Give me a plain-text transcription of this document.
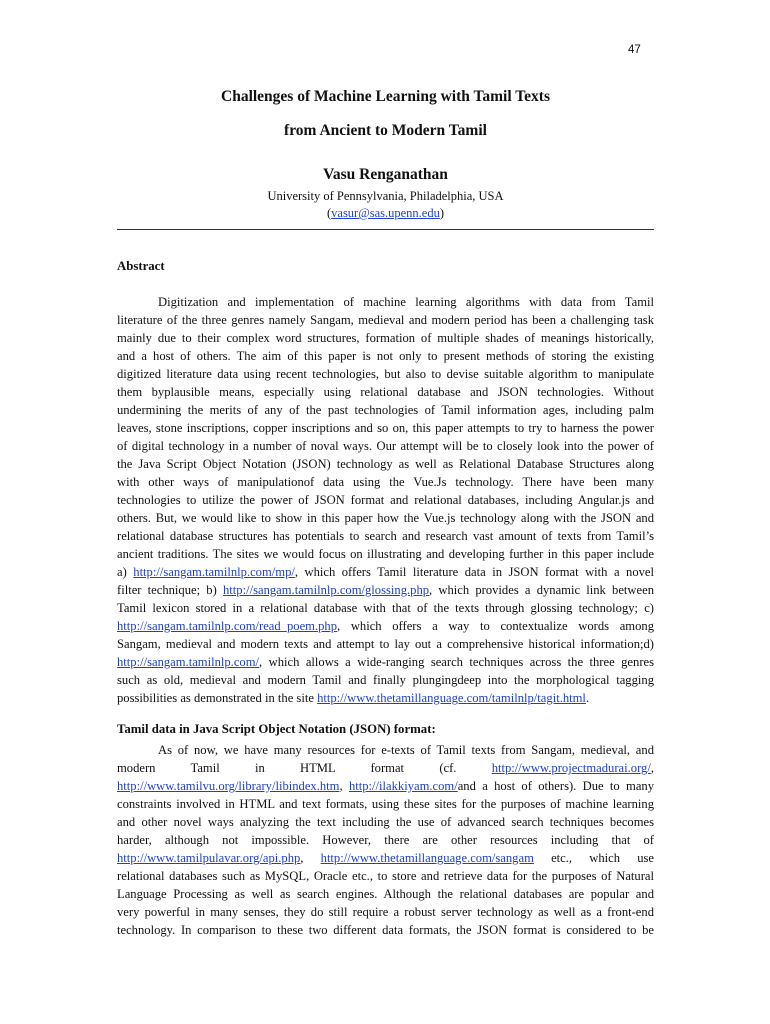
47
Challenges of Machine Learning with Tamil Texts
from Ancient to Modern Tamil
Vasu Renganathan
University of Pennsylvania, Philadelphia, USA
(vasur@sas.upenn.edu)
Abstract
Digitization and implementation of machine learning algorithms with data from Tamil
literature of the three genres namely Sangam, medieval and modern period has been a challenging task
mainly due to their complex word structures, formation of multiple shades of meanings historically,
and a host of others. The aim of this paper is not only to present methods of storing the existing
digitized literature data using recent technologies, but also to devise suitable algorithm to manipulate
them byplausible means, especially using relational database and JSON technologies. Without
undermining the merits of any of the past technologies of Tamil information ages, including palm
leaves, stone inscriptions, copper inscriptions and so on, this paper attempts to try to harness the power
of digital technology in a number of noval ways. Our attempt will be to closely look into the power of
the Java Script Object Notation (JSON) technology as well as Relational Database Structures along
with other ways of manipulationof data using the Vue.Js technology. There have been many
technologies to utilize the power of JSON format and relational databases, including Angular.js and
others. But, we would like to show in this paper how the Vue.js technology along with the JSON and
relational database structures has potentials to search and research vast amount of texts from Tamil’s
ancient traditions. The sites we would focus on illustrating and developing further in this paper include
a) http://sangam.tamilnlp.com/mp/, which offers Tamil literature data in JSON format with a novel
filter technique; b) http://sangam.tamilnlp.com/glossing.php, which provides a dynamic link between
Tamil lexicon stored in a relational database with that of the texts through glossing technology; c)
http://sangam.tamilnlp.com/read_poem.php, which offers a way to contextualize words among
Sangam, medieval and modern texts and attempt to lay out a comprehensive historical information;d)
http://sangam.tamilnlp.com/, which allows a wide-ranging search techniques across the three genres
such as old, medieval and modern Tamil and finally plungingdeep into the morphological tagging
possibilities as demonstrated in the site http://www.thetamillanguage.com/tamilnlp/tagit.html.
Tamil data in Java Script Object Notation (JSON) format:
As of now, we have many resources for e-texts of Tamil texts from Sangam, medieval, and
modern	Tamil	in	HTML	format	(cf.	http://www.projectmadurai.org/,
http://www.tamilvu.org/library/libindex.htm, http://ilakkiyam.com/and a host of others). Due to many
constraints involved in HTML and text formats, using these sites for the purposes of machine learning
and other novel ways analyzing the text including the use of advanced search techniques becomes
harder, although not impossible. However, there are other resources including that of
http://www.tamilpulavar.org/api.php, http://www.thetamillanguage.com/sangam etc., which use
relational databases such as MySQL, Oracle etc., to store and retrieve data for the purposes of Natural
Language Processing as well as search engines. Although the relational databases are popular and
very powerful in many senses, they do still require a robust server technology as well as a front-end
technology. In comparison to these two different data formats, the JSON format is considered to be
